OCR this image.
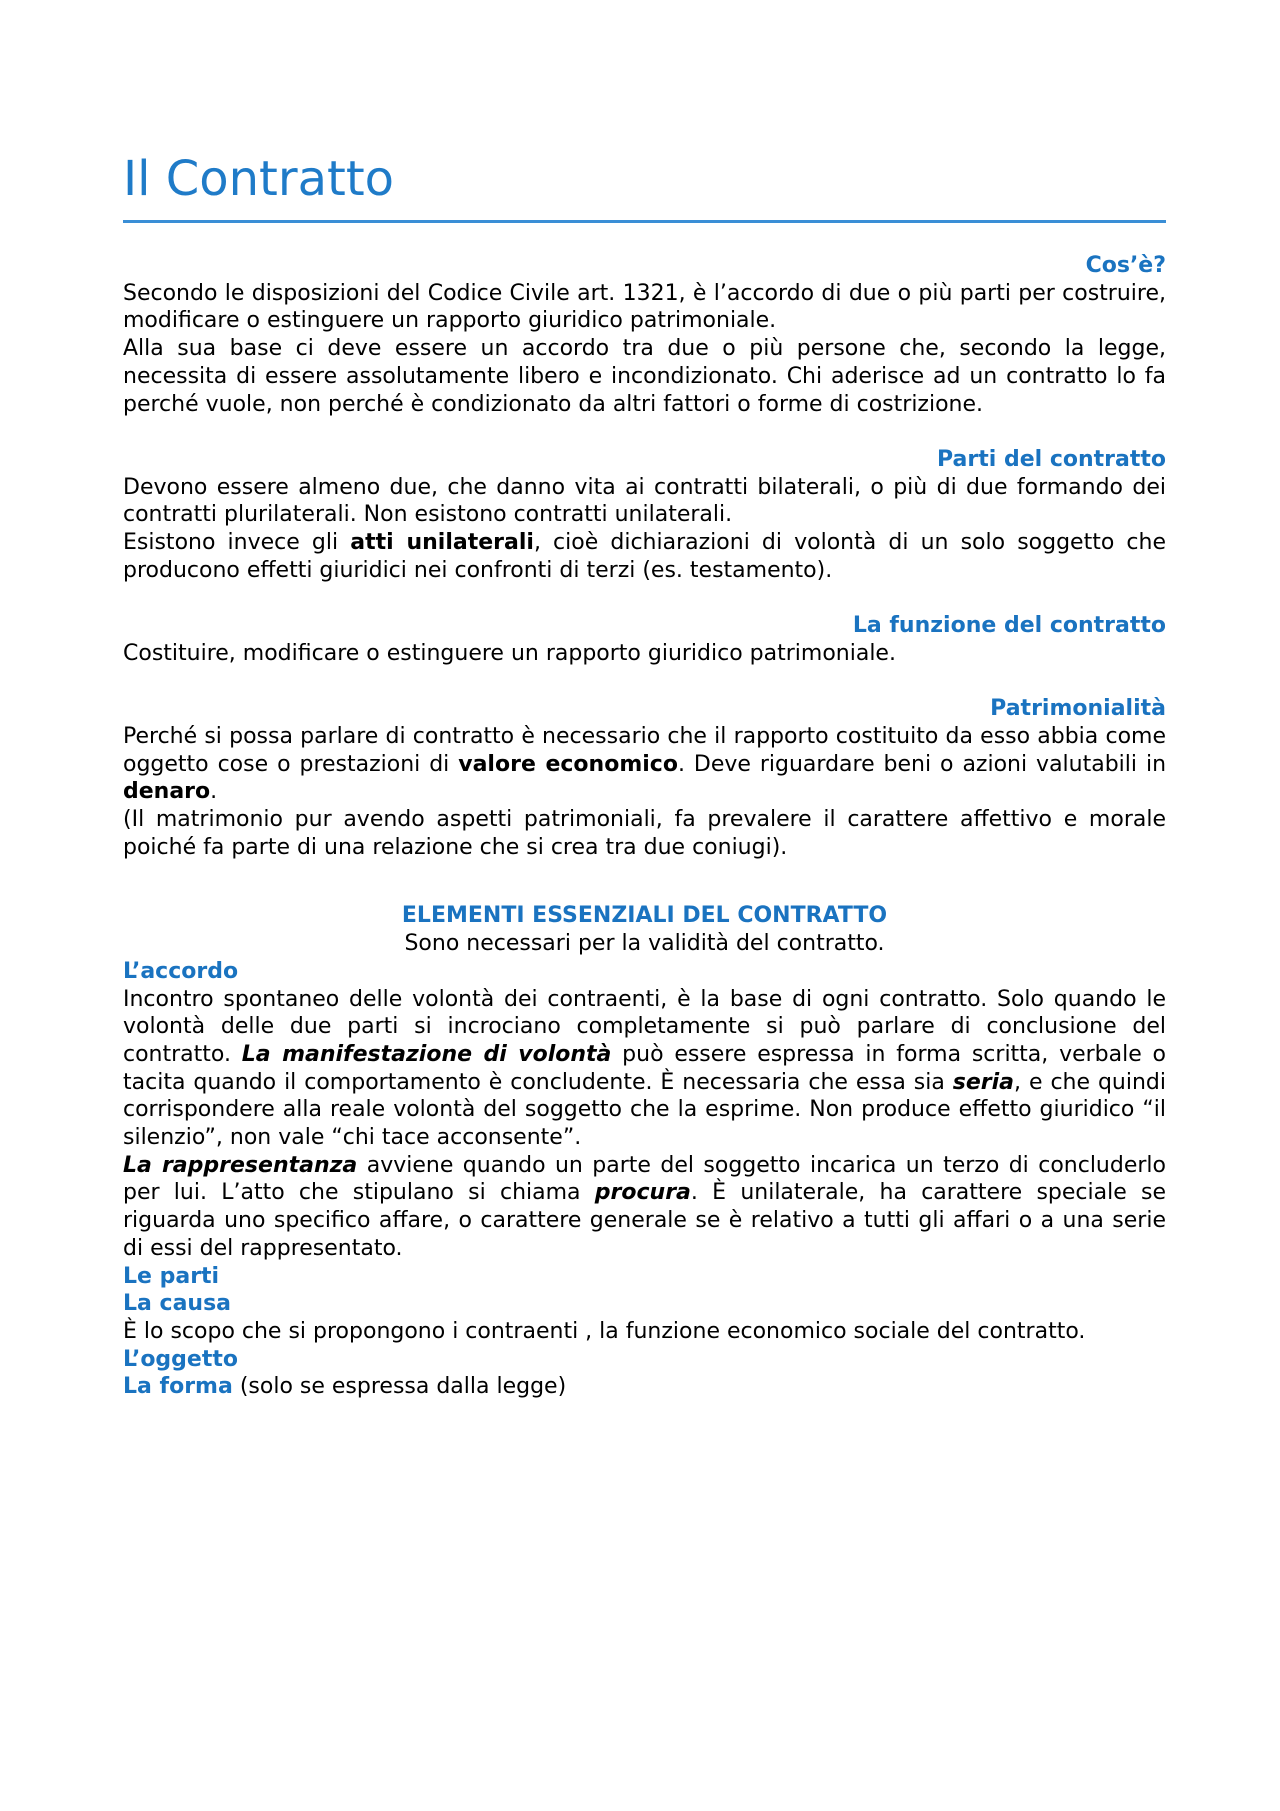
Il Contratto

Cos’è?

Secondo le disposizioni del Codice Civile art. 1321, è l’accordo di due o più parti per costruire, modificare o estinguere un rapporto giuridico patrimoniale.

Alla sua base ci deve essere un accordo tra due o più persone che, secondo la legge, necessita di essere assolutamente libero e incondizionato. Chi aderisce ad un contratto lo fa perché vuole, non perché è condizionato da altri fattori o forme di costrizione.

Parti del contratto

Devono essere almeno due, che danno vita ai contratti bilaterali, o più di due formando dei contratti plurilaterali. Non esistono contratti unilaterali.

Esistono invece gli atti unilaterali, cioè dichiarazioni di volontà di un solo soggetto che producono effetti giuridici nei confronti di terzi (es. testamento).

La funzione del contratto

Costituire, modificare o estinguere un rapporto giuridico patrimoniale.

Patrimonialità

Perché si possa parlare di contratto è necessario che il rapporto costituito da esso abbia come oggetto cose o prestazioni di valore economico. Deve riguardare beni o azioni valutabili in denaro.

(Il matrimonio pur avendo aspetti patrimoniali, fa prevalere il carattere affettivo e morale poiché fa parte di una relazione che si crea tra due coniugi).

ELEMENTI ESSENZIALI DEL CONTRATTO

Sono necessari per la validità del contratto.

L’accordo

Incontro spontaneo delle volontà dei contraenti, è la base di ogni contratto. Solo quando le volontà delle due parti si incrociano completamente si può parlare di conclusione del contratto. La manifestazione di volontà può essere espressa in forma scritta, verbale o tacita quando il comportamento è concludente. È necessaria che essa sia seria, e che quindi corrispondere alla reale volontà del soggetto che la esprime. Non produce effetto giuridico “il silenzio”, non vale “chi tace acconsente”.

La rappresentanza avviene quando un parte del soggetto incarica un terzo di concluderlo per lui. L’atto che stipulano si chiama procura. È unilaterale, ha carattere speciale se riguarda uno specifico affare, o carattere generale se è relativo a tutti gli affari o a una serie di essi del rappresentato.

Le parti

La causa

È lo scopo che si propongono i contraenti , la funzione economico sociale del contratto.

L’oggetto

La forma (solo se espressa dalla legge)
